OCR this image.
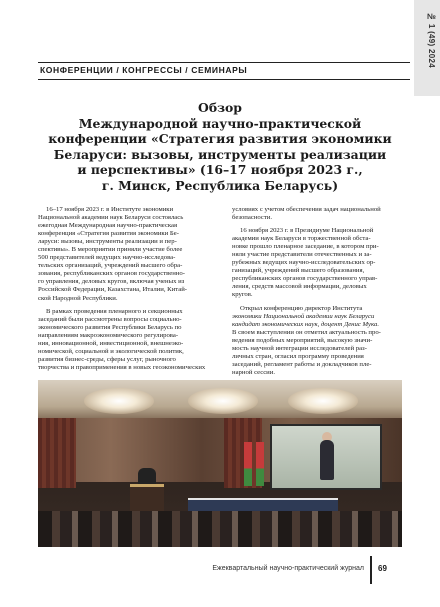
№ 1 (49) 2024
КОНФЕРЕНЦИИ / КОНГРЕССЫ / СЕМИНАРЫ
Обзор
Международной научно-практической
конференции «Стратегия развития экономики
Беларуси: вызовы, инструменты реализации
и перспективы» (16–17 ноября 2023 г.,
г. Минск, Республика Беларусь)
16–17 ноября 2023 г. в Институте экономики
Национальной академии наук Беларуси состоялась
ежегодная Международная научно-практическая
конференция «Стратегия развития экономики Бе-
ларуси: вызовы, инструменты реализации и пер-
спективы». В мероприятии приняли участие более
500 представителей ведущих научно-исследова-
тельских организаций, учреждений высшего обра-
зования, республиканских органов государственно-
го управления, деловых кругов, включая ученых из
Российской Федерации, Казахстана, Италии, Китай-
ской Народной Республики.
В рамках проведения пленарного и секционных
заседаний были рассмотрены вопросы социально-
экономического развития Республики Беларусь по
направлениям макроэкономического регулирова-
ния, инновационной, инвестиционной, внешнеэко-
номической, социальной и экологической политик,
развития бизнес-среды, сферы услуг, рыночного
творчества и правоприменения в новых геоэкономических
условиях с учетом обеспечения задач национальной
безопасности.
16 ноября 2023 г. в Президиуме Национальной
академии наук Беларуси в торжественной обста-
новке прошло пленарное заседание, в котором при-
няли участие представители отечественных и за-
рубежных ведущих научно-исследовательских ор-
ганизаций, учреждений высшего образования,
республиканских органов государственного управ-
ления, средств массовой информации, деловых
кругов.
Открыл конференцию директор Института
экономики Национальной академии наук Беларуси
кандидат экономических наук, доцент Денис Мука.
В своем выступлении он отметил актуальность про-
ведения подобных мероприятий, высокую значи-
мость научной интеграции исследователей раз-
личных стран, огласил программу проведения
заседаний, регламент работы и докладчиков пле-
нарной сессии.
Ежеквартальный научно-практический журнал 69
